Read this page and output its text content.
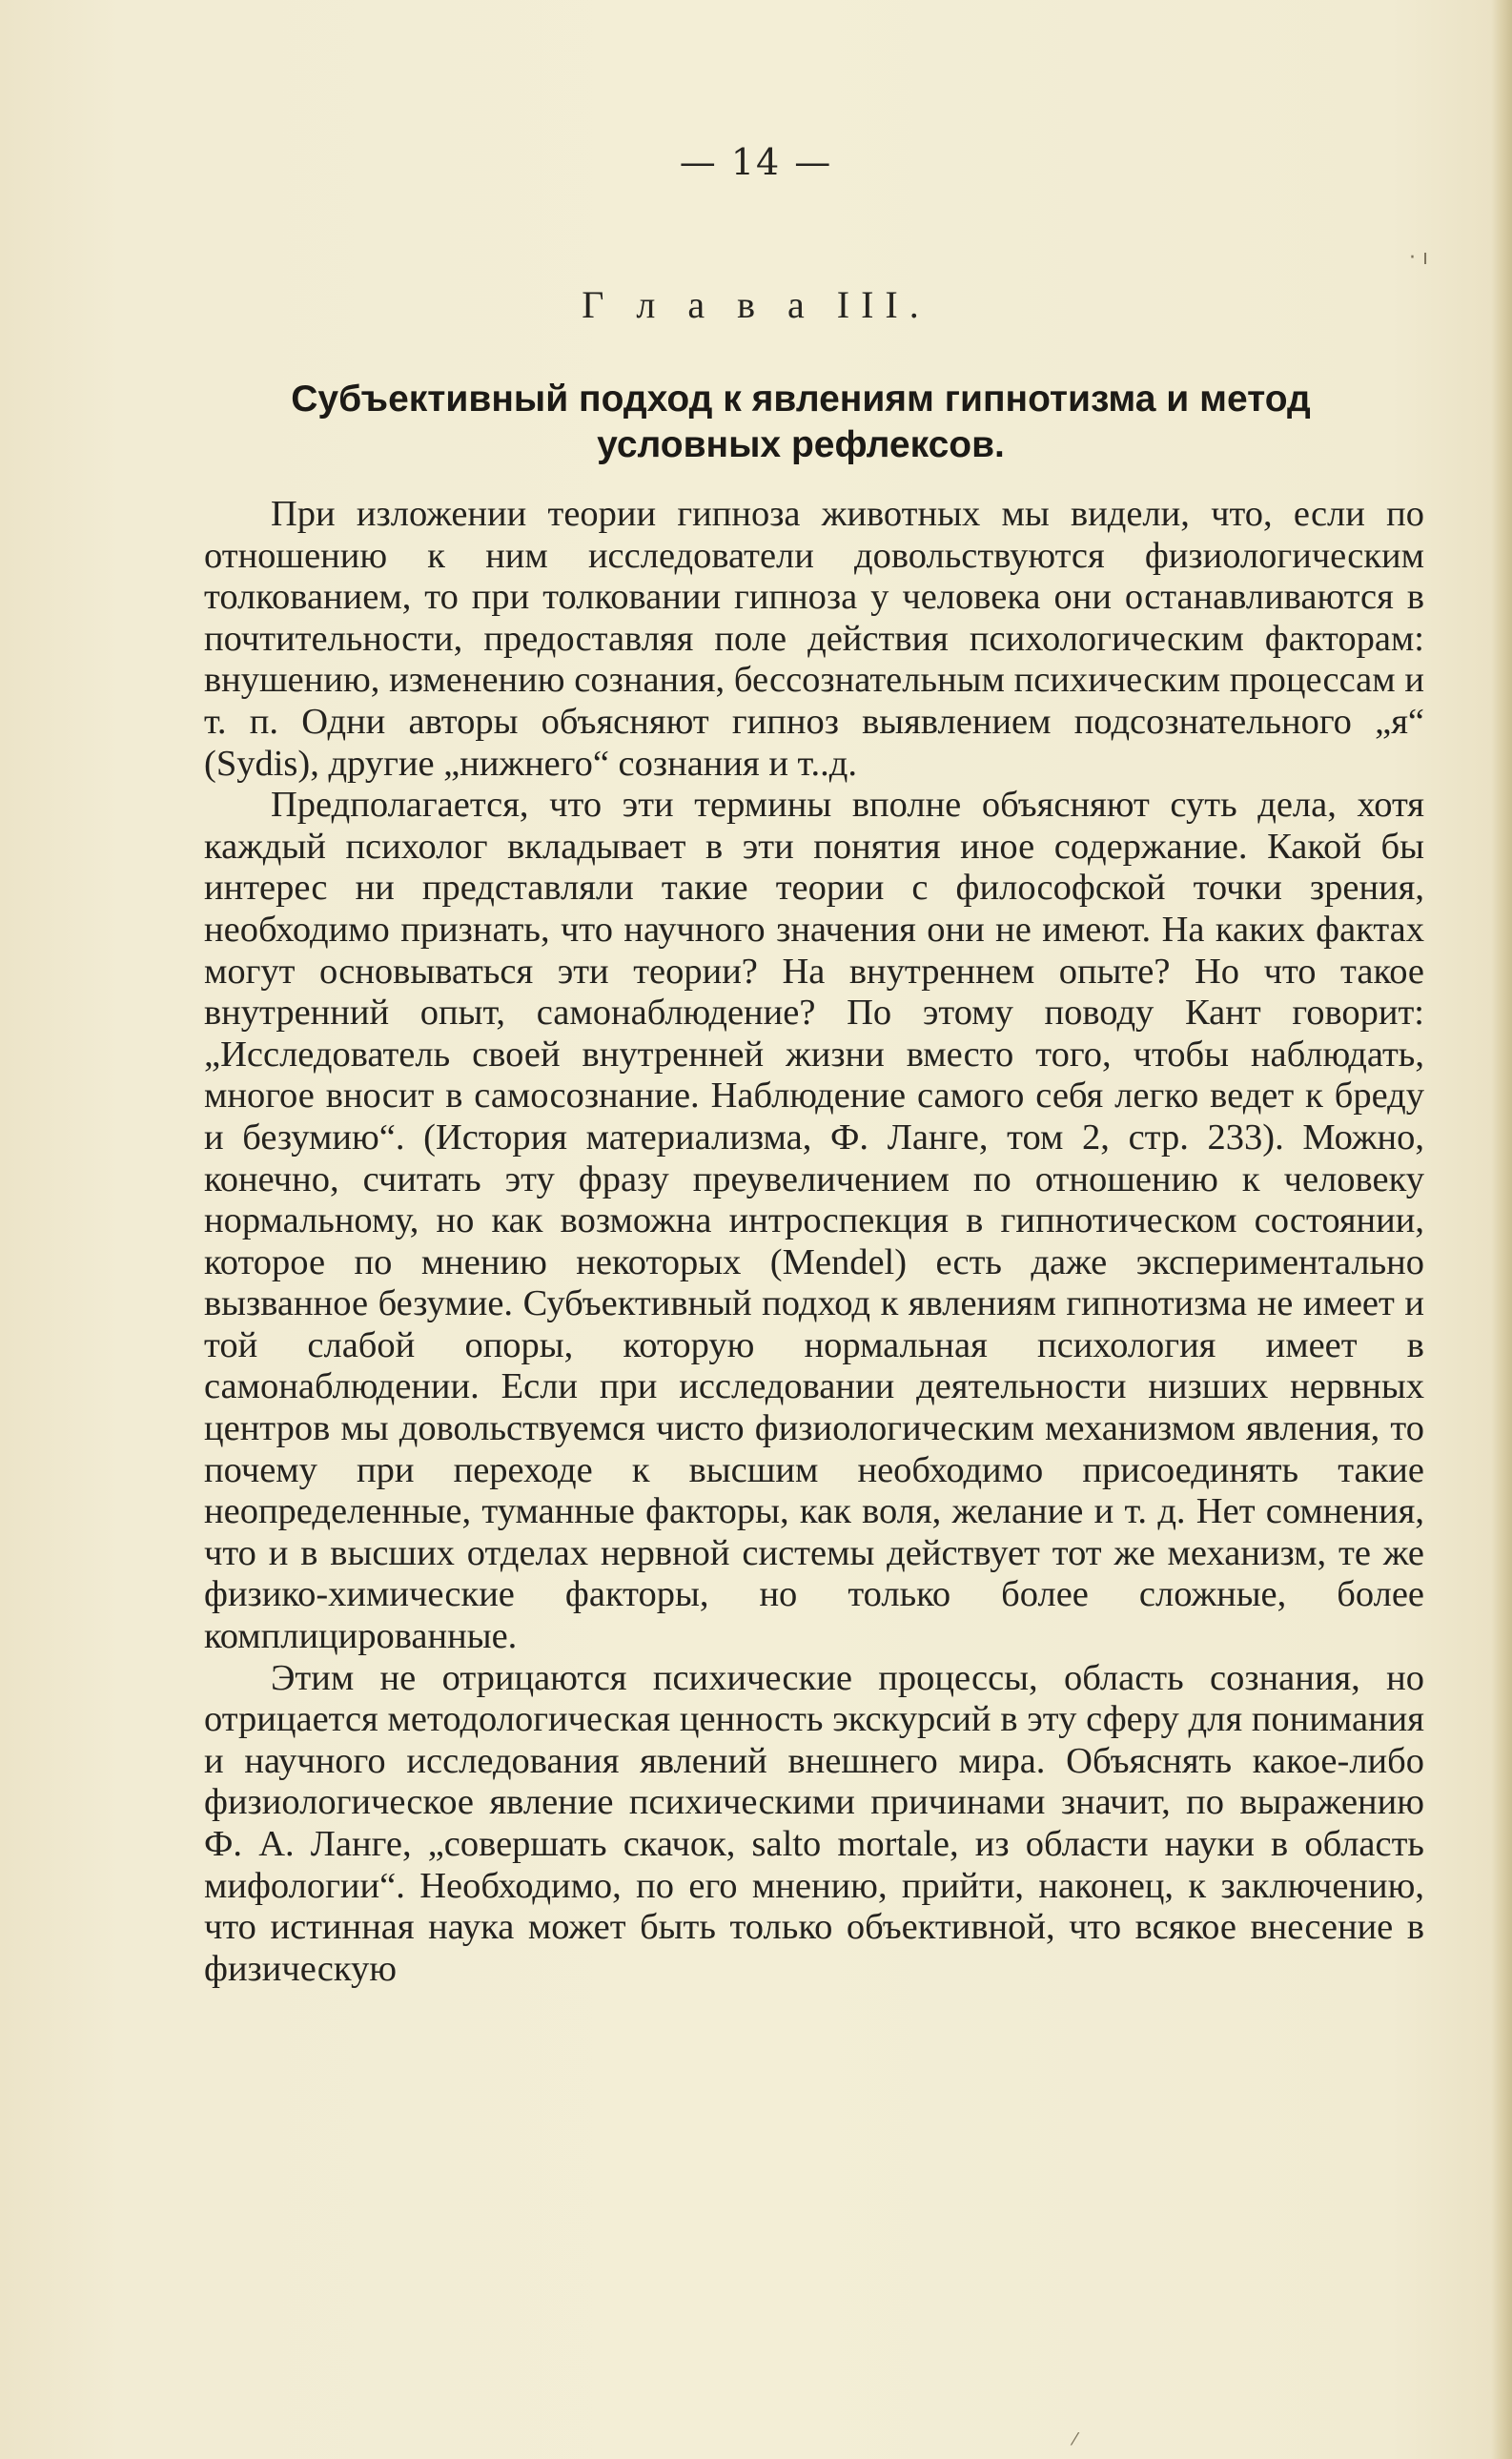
— 14 —
· ı
Г л а в а III.
Субъективный подход к явлениям гипнотизма и метод
условных рефлексов.

При изложении теории гипноза животных мы видели, что, если по отношению к ним исследователи довольствуются физиологическим толкованием, то при толковании гипноза у человека они останавливаются в почтительности, предоставляя поле действия психологическим факторам: внушению, изменению сознания, бессознательным психическим процессам и т. п. Одни авторы объясняют гипноз выявлением подсознательного „я“ (Sydis), другие „нижнего“ сознания и т..д.

Предполагается, что эти термины вполне объясняют суть дела, хотя каждый психолог вкладывает в эти понятия иное содержание. Какой бы интерес ни представляли такие теории с философской точки зрения, необходимо признать, что научного значения они не имеют. На каких фактах могут основываться эти теории? На внутреннем опыте? Но что такое внутренний опыт, самонаблюдение? По этому поводу Кант говорит: „Исследователь своей внутренней жизни вместо того, чтобы наблюдать, многое вносит в самосознание. Наблюдение самого себя легко ведет к бреду и безумию“. (История материализма, Ф. Ланге, том 2, стр. 233). Можно, конечно, считать эту фразу преувеличением по отношению к человеку нормальному, но как возможна интроспекция в гипнотическом состоянии, которое по мнению некоторых (Mendel) есть даже экспериментально вызванное безумие. Субъективный подход к явлениям гипнотизма не имеет и той слабой опоры, которую нормальная психология имеет в самонаблюдении. Если при исследовании деятельности низших нервных центров мы довольствуемся чисто физиологическим механизмом явления, то почему при переходе к высшим необходимо присоединять такие неопределенные, туманные факторы, как воля, желание и т. д. Нет сомнения, что и в высших отделах нервной системы действует тот же механизм, те же физико-химические факторы, но только более сложные, более комплицированные.

Этим не отрицаются психические процессы, область сознания, но отрицается методологическая ценность экскурсий в эту сферу для понимания и научного исследования явлений внешнего мира. Объяснять какое-либо физиологическое явление психическими причинами значит, по выражению Ф. А. Ланге, „совершать скачок, salto mortale, из области науки в область мифологии“. Необходимо, по его мнению, прийти, наконец, к заключению, что истинная наука может быть только объективной, что всякое внесение в физическую

⁄
